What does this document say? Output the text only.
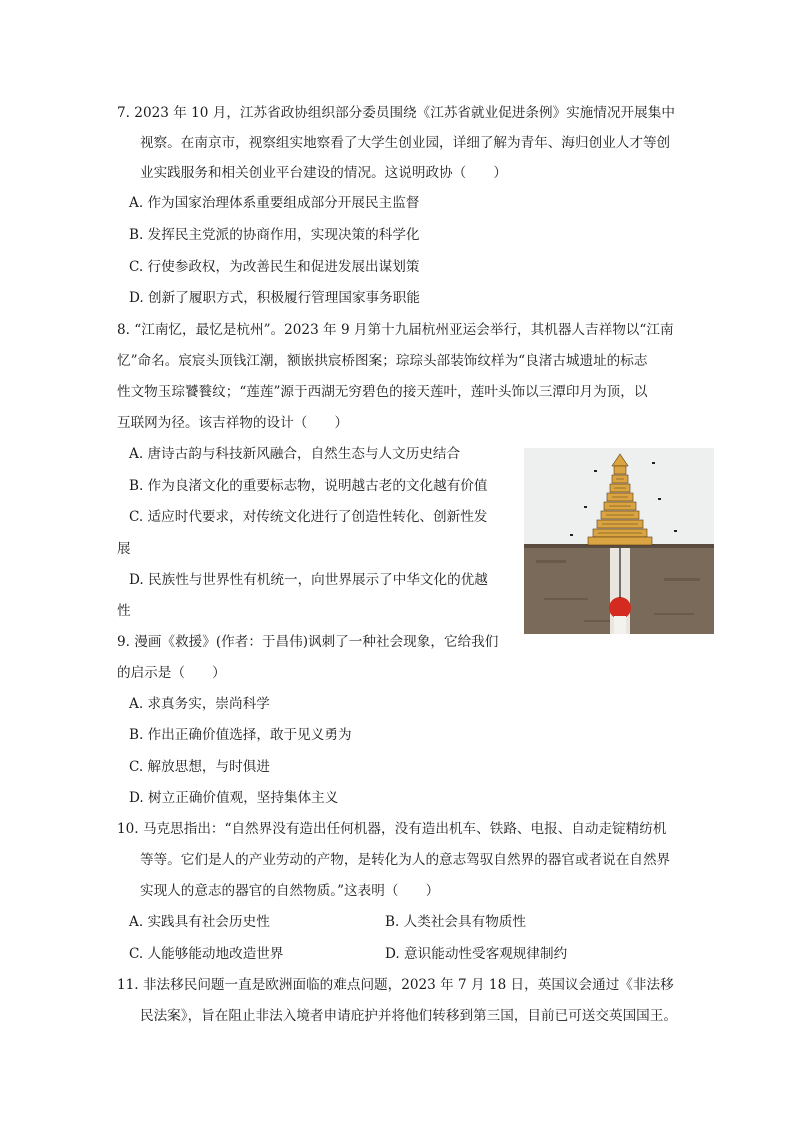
7. 2023 年 10 月，江苏省政协组织部分委员围绕《江苏省就业促进条例》实施情况开展集中
视察。在南京市，视察组实地察看了大学生创业园，详细了解为青年、海归创业人才等创
业实践服务和相关创业平台建设的情况。这说明政协（　　）
A. 作为国家治理体系重要组成部分开展民主监督
B. 发挥民主党派的协商作用，实现决策的科学化
C. 行使参政权，为改善民生和促进发展出谋划策
D. 创新了履职方式，积极履行管理国家事务职能
8. “江南忆，最忆是杭州”。2023 年 9 月第十九届杭州亚运会举行，其机器人吉祥物以“江南
忆”命名。宸宸头顶钱江潮，额嵌拱宸桥图案；琮琮头部装饰纹样为“良渚古城遗址的标志
性文物玉琮饕餮纹；“莲莲”源于西湖无穷碧色的接天莲叶，莲叶头饰以三潭印月为顶，以
互联网为径。该吉祥物的设计（　　）
A. 唐诗古韵与科技新风融合，自然生态与人文历史结合
B. 作为良渚文化的重要标志物，说明越古老的文化越有价值
C. 适应时代要求，对传统文化进行了创造性转化、创新性发
展
D. 民族性与世界性有机统一，向世界展示了中华文化的优越
性
9. 漫画《救援》(作者：于昌伟)讽刺了一种社会现象，它给我们
的启示是（　　）
A. 求真务实，崇尚科学
B. 作出正确价值选择，敢于见义勇为
C. 解放思想，与时俱进
D. 树立正确价值观，坚持集体主义
10. 马克思指出：“自然界没有造出任何机器，没有造出机车、铁路、电报、自动走锭精纺机
等等。它们是人的产业劳动的产物，是转化为人的意志驾驭自然界的器官或者说在自然界
实现人的意志的器官的自然物质。”这表明（　　）
A. 实践具有社会历史性	B. 人类社会具有物质性
C. 人能够能动地改造世界	D. 意识能动性受客观规律制约
11. 非法移民问题一直是欧洲面临的难点问题，2023 年 7 月 18 日，英国议会通过《非法移
民法案》，旨在阻止非法入境者申请庇护并将他们转移到第三国，目前已可送交英国国王。
